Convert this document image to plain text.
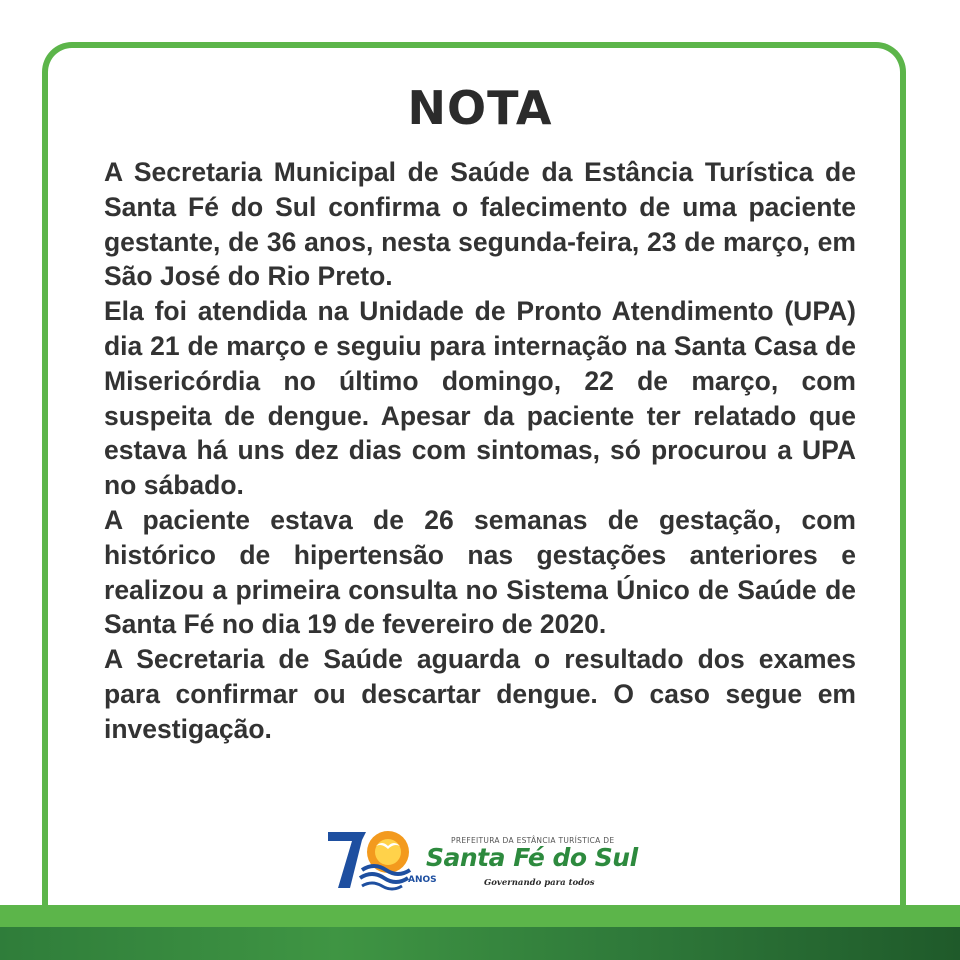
NOTA

A Secretaria Municipal de Saúde da Estância Turística de Santa Fé do Sul confirma o falecimento de uma paciente gestante, de 36 anos, nesta segunda-feira, 23 de março, em São José do Rio Preto.

Ela foi atendida na Unidade de Pronto Atendimento (UPA) dia 21 de março e seguiu para internação na Santa Casa de Misericórdia no último domingo, 22 de março, com suspeita de dengue. Apesar da paciente ter relatado que estava há uns dez dias com sintomas, só procurou a UPA no sábado.

A paciente estava de 26 semanas de gestação, com histórico de hipertensão nas gestações anteriores e realizou a primeira consulta no Sistema Único de Saúde de Santa Fé no dia 19 de fevereiro de 2020.

A Secretaria de Saúde aguarda o resultado dos exames para confirmar ou descartar dengue. O caso segue em investigação.

ANOS
PREFEITURA DA ESTÂNCIA TURÍSTICA DE
Santa Fé do Sul
Governando para todos
